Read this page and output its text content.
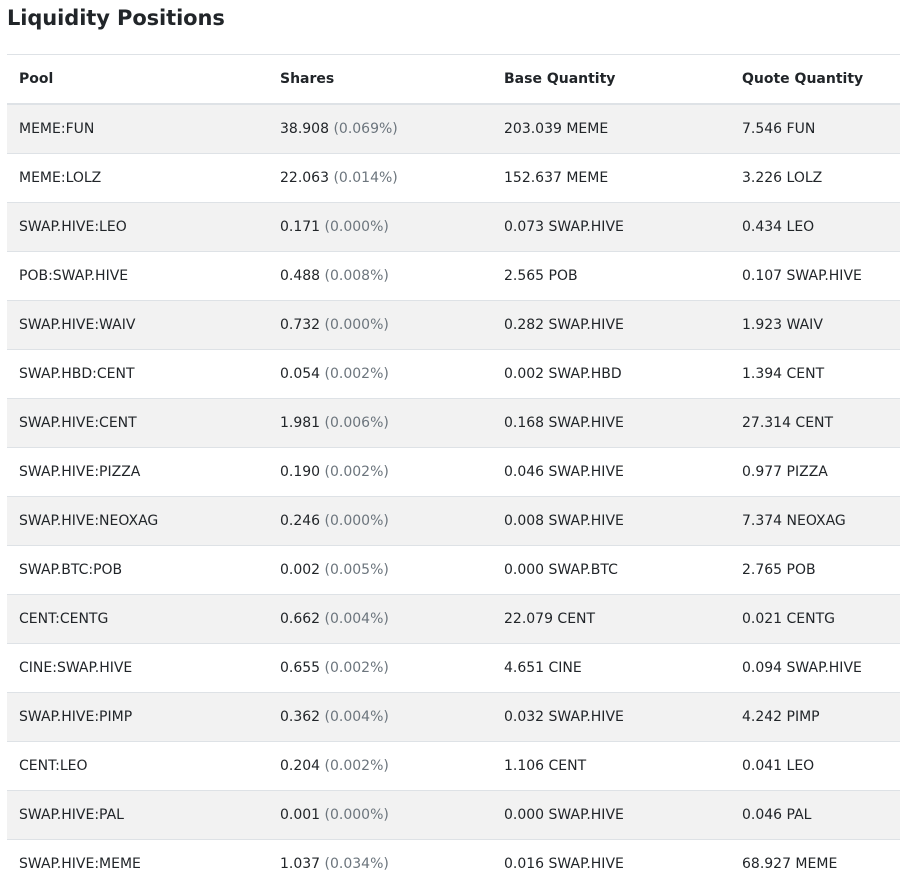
Liquidity Positions
Pool	Shares	Base Quantity	Quote Quantity
MEME:FUN	38.908 (0.069%)	203.039 MEME	7.546 FUN
MEME:LOLZ	22.063 (0.014%)	152.637 MEME	3.226 LOLZ
SWAP.HIVE:LEO	0.171 (0.000%)	0.073 SWAP.HIVE	0.434 LEO
POB:SWAP.HIVE	0.488 (0.008%)	2.565 POB	0.107 SWAP.HIVE
SWAP.HIVE:WAIV	0.732 (0.000%)	0.282 SWAP.HIVE	1.923 WAIV
SWAP.HBD:CENT	0.054 (0.002%)	0.002 SWAP.HBD	1.394 CENT
SWAP.HIVE:CENT	1.981 (0.006%)	0.168 SWAP.HIVE	27.314 CENT
SWAP.HIVE:PIZZA	0.190 (0.002%)	0.046 SWAP.HIVE	0.977 PIZZA
SWAP.HIVE:NEOXAG	0.246 (0.000%)	0.008 SWAP.HIVE	7.374 NEOXAG
SWAP.BTC:POB	0.002 (0.005%)	0.000 SWAP.BTC	2.765 POB
CENT:CENTG	0.662 (0.004%)	22.079 CENT	0.021 CENTG
CINE:SWAP.HIVE	0.655 (0.002%)	4.651 CINE	0.094 SWAP.HIVE
SWAP.HIVE:PIMP	0.362 (0.004%)	0.032 SWAP.HIVE	4.242 PIMP
CENT:LEO	0.204 (0.002%)	1.106 CENT	0.041 LEO
SWAP.HIVE:PAL	0.001 (0.000%)	0.000 SWAP.HIVE	0.046 PAL
SWAP.HIVE:MEME	1.037 (0.034%)	0.016 SWAP.HIVE	68.927 MEME
